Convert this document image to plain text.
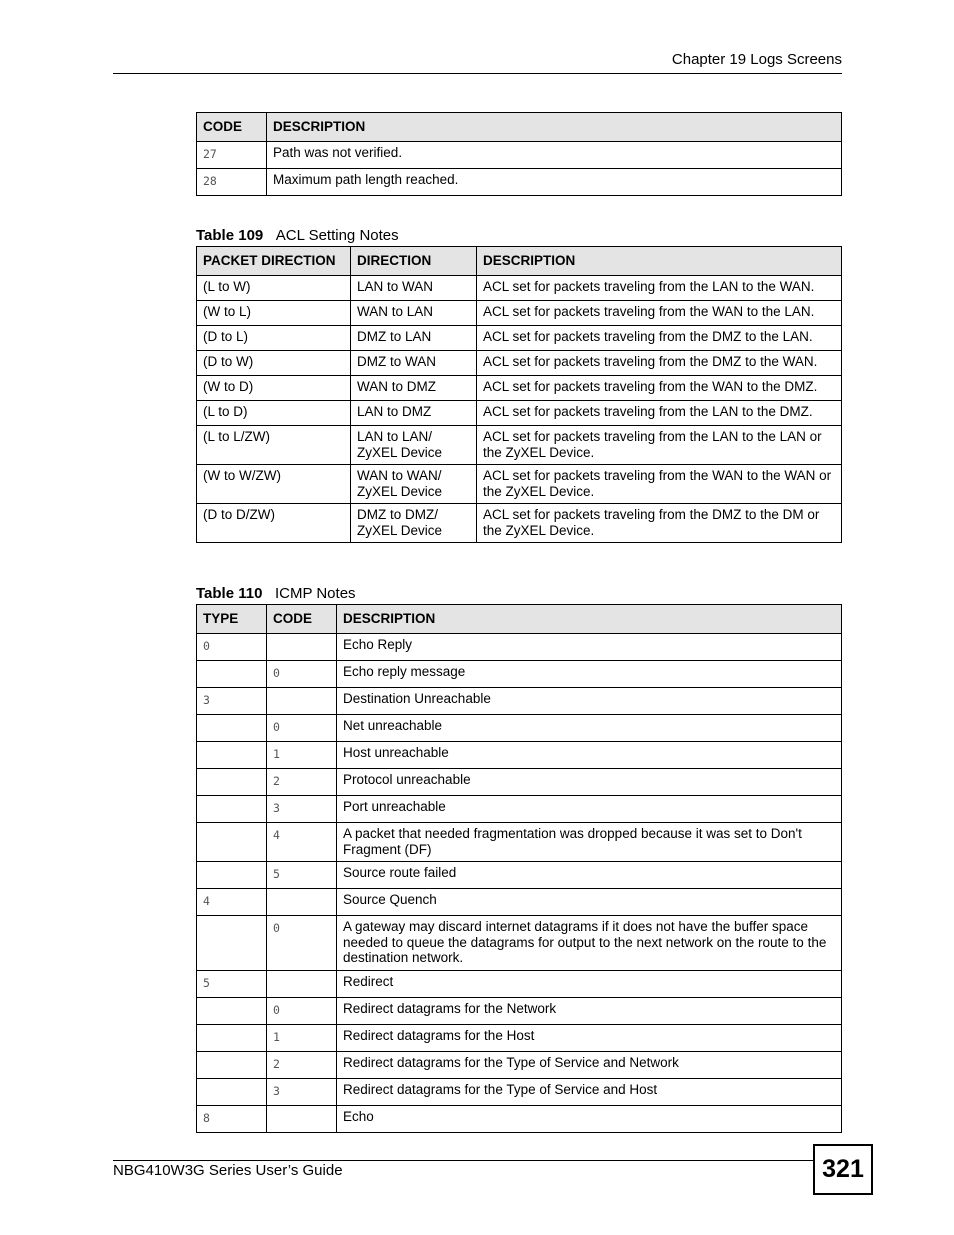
Chapter 19 Logs Screens
CODE	DESCRIPTION
27	Path was not verified.
28	Maximum path length reached.
Table 109 ACL Setting Notes
PACKET DIRECTION	DIRECTION	DESCRIPTION
(L to W)	LAN to WAN	ACL set for packets traveling from the LAN to the WAN.
(W to L)	WAN to LAN	ACL set for packets traveling from the WAN to the LAN.
(D to L)	DMZ to LAN	ACL set for packets traveling from the DMZ to the LAN.
(D to W)	DMZ to WAN	ACL set for packets traveling from the DMZ to the WAN.
(W to D)	WAN to DMZ	ACL set for packets traveling from the WAN to the DMZ.
(L to D)	LAN to DMZ	ACL set for packets traveling from the LAN to the DMZ.
(L to L/ZW)	LAN to LAN/ ZyXEL Device	ACL set for packets traveling from the LAN to the LAN or the ZyXEL Device.
(W to W/ZW)	WAN to WAN/ ZyXEL Device	ACL set for packets traveling from the WAN to the WAN or the ZyXEL Device.
(D to D/ZW)	DMZ to DMZ/ ZyXEL Device	ACL set for packets traveling from the DMZ to the DM or the ZyXEL Device.
Table 110 ICMP Notes
TYPE	CODE	DESCRIPTION
0		Echo Reply
	0	Echo reply message
3		Destination Unreachable
	0	Net unreachable
	1	Host unreachable
	2	Protocol unreachable
	3	Port unreachable
	4	A packet that needed fragmentation was dropped because it was set to Don't Fragment (DF)
	5	Source route failed
4		Source Quench
	0	A gateway may discard internet datagrams if it does not have the buffer space needed to queue the datagrams for output to the next network on the route to the destination network.
5		Redirect
	0	Redirect datagrams for the Network
	1	Redirect datagrams for the Host
	2	Redirect datagrams for the Type of Service and Network
	3	Redirect datagrams for the Type of Service and Host
8		Echo
NBG410W3G Series User’s Guide	321
